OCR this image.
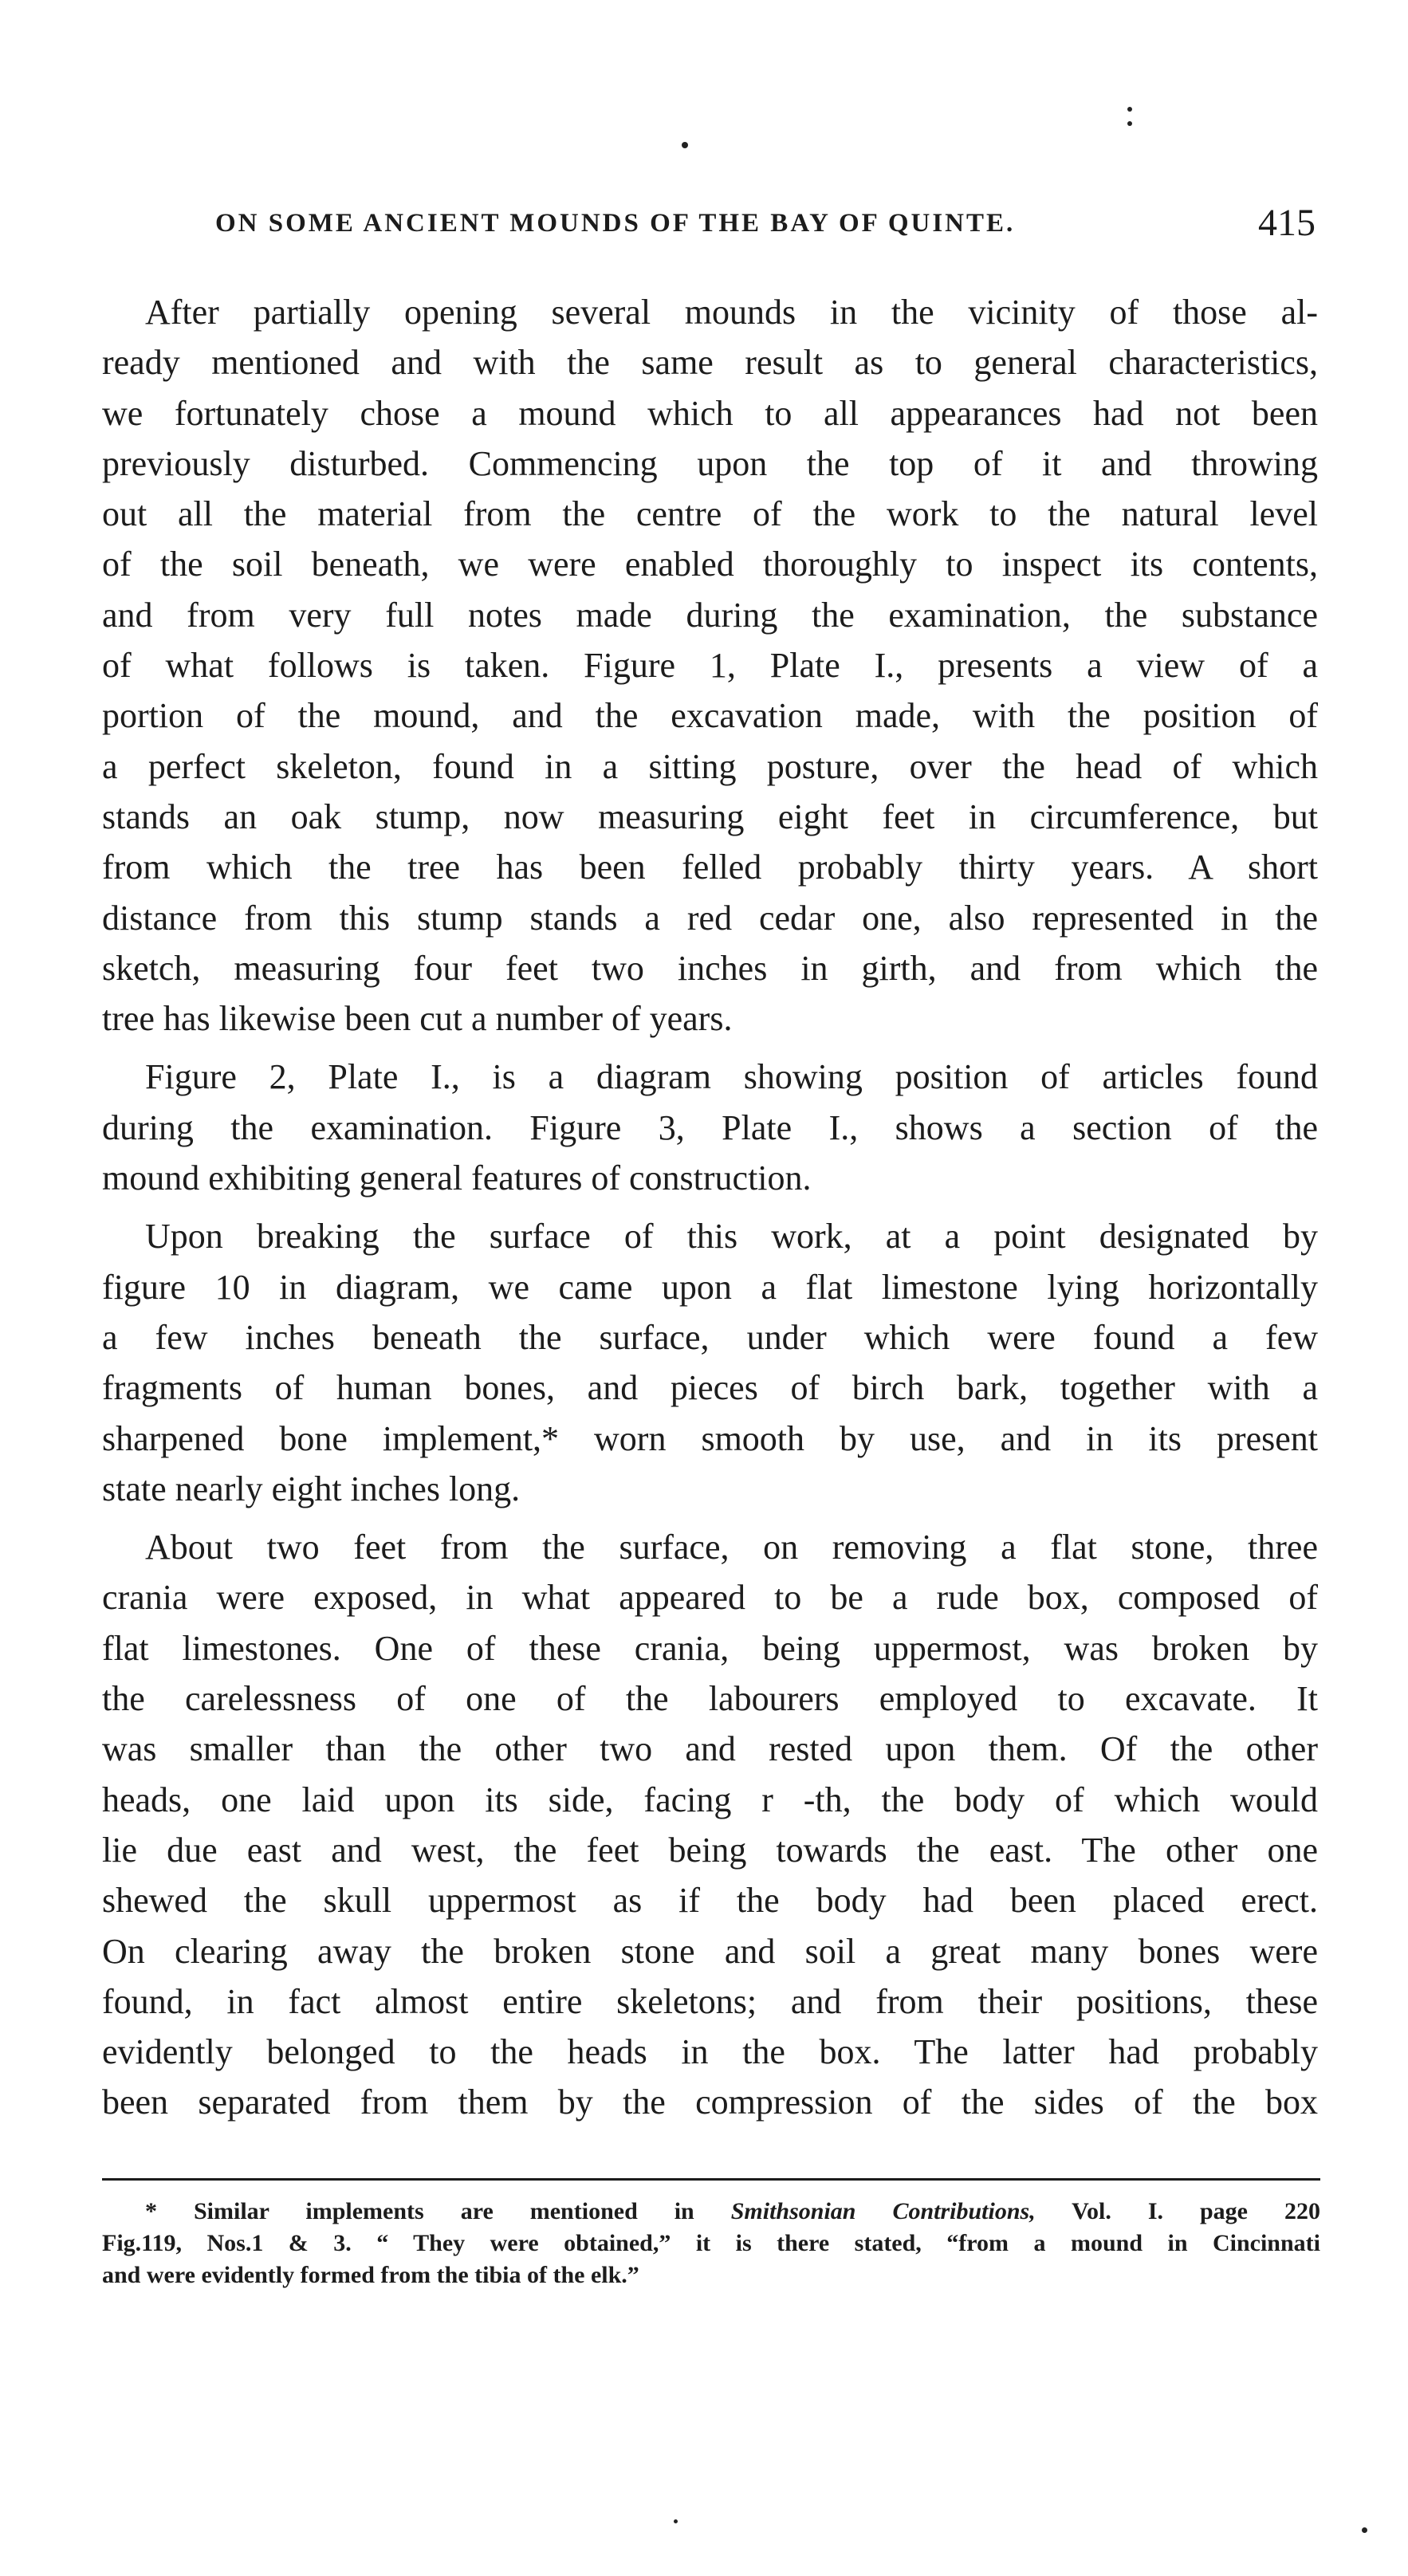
ON SOME ANCIENT MOUNDS OF THE BAY OF QUINTE.	415
After partially opening several mounds in the vicinity of those al-
ready mentioned and with the same result as to general characteristics,
we fortunately chose a mound which to all appearances had not been
previously disturbed. Commencing upon the top of it and throwing
out all the material from the centre of the work to the natural level
of the soil beneath, we were enabled thoroughly to inspect its contents,
and from very full notes made during the examination, the substance
of what follows is taken. Figure 1, Plate I., presents a view of a
portion of the mound, and the excavation made, with the position of
a perfect skeleton, found in a sitting posture, over the head of which
stands an oak stump, now measuring eight feet in circumference, but
from which the tree has been felled probably thirty years. A short
distance from this stump stands a red cedar one, also represented in the
sketch, measuring four feet two inches in girth, and from which the
tree has likewise been cut a number of years.
Figure 2, Plate I., is a diagram showing position of articles found
during the examination. Figure 3, Plate I., shows a section of the
mound exhibiting general features of construction.
Upon breaking the surface of this work, at a point designated by
figure 10 in diagram, we came upon a flat limestone lying horizontally
a few inches beneath the surface, under which were found a few
fragments of human bones, and pieces of birch bark, together with a
sharpened bone implement,* worn smooth by use, and in its present
state nearly eight inches long.
About two feet from the surface, on removing a flat stone, three
crania were exposed, in what appeared to be a rude box, composed of
flat limestones. One of these crania, being uppermost, was broken by
the carelessness of one of the labourers employed to excavate. It
was smaller than the other two and rested upon them. Of the other
heads, one laid upon its side, facing r -th, the body of which would
lie due east and west, the feet being towards the east. The other one
shewed the skull uppermost as if the body had been placed erect.
On clearing away the broken stone and soil a great many bones were
found, in fact almost entire skeletons; and from their positions, these
evidently belonged to the heads in the box. The latter had probably
been separated from them by the compression of the sides of the box
* Similar implements are mentioned in Smithsonian Contributions, Vol. I. page 220
Fig.119, Nos.1 & 3. “ They were obtained,” it is there stated, “from a mound in Cincinnati
and were evidently formed from the tibia of the elk.”
